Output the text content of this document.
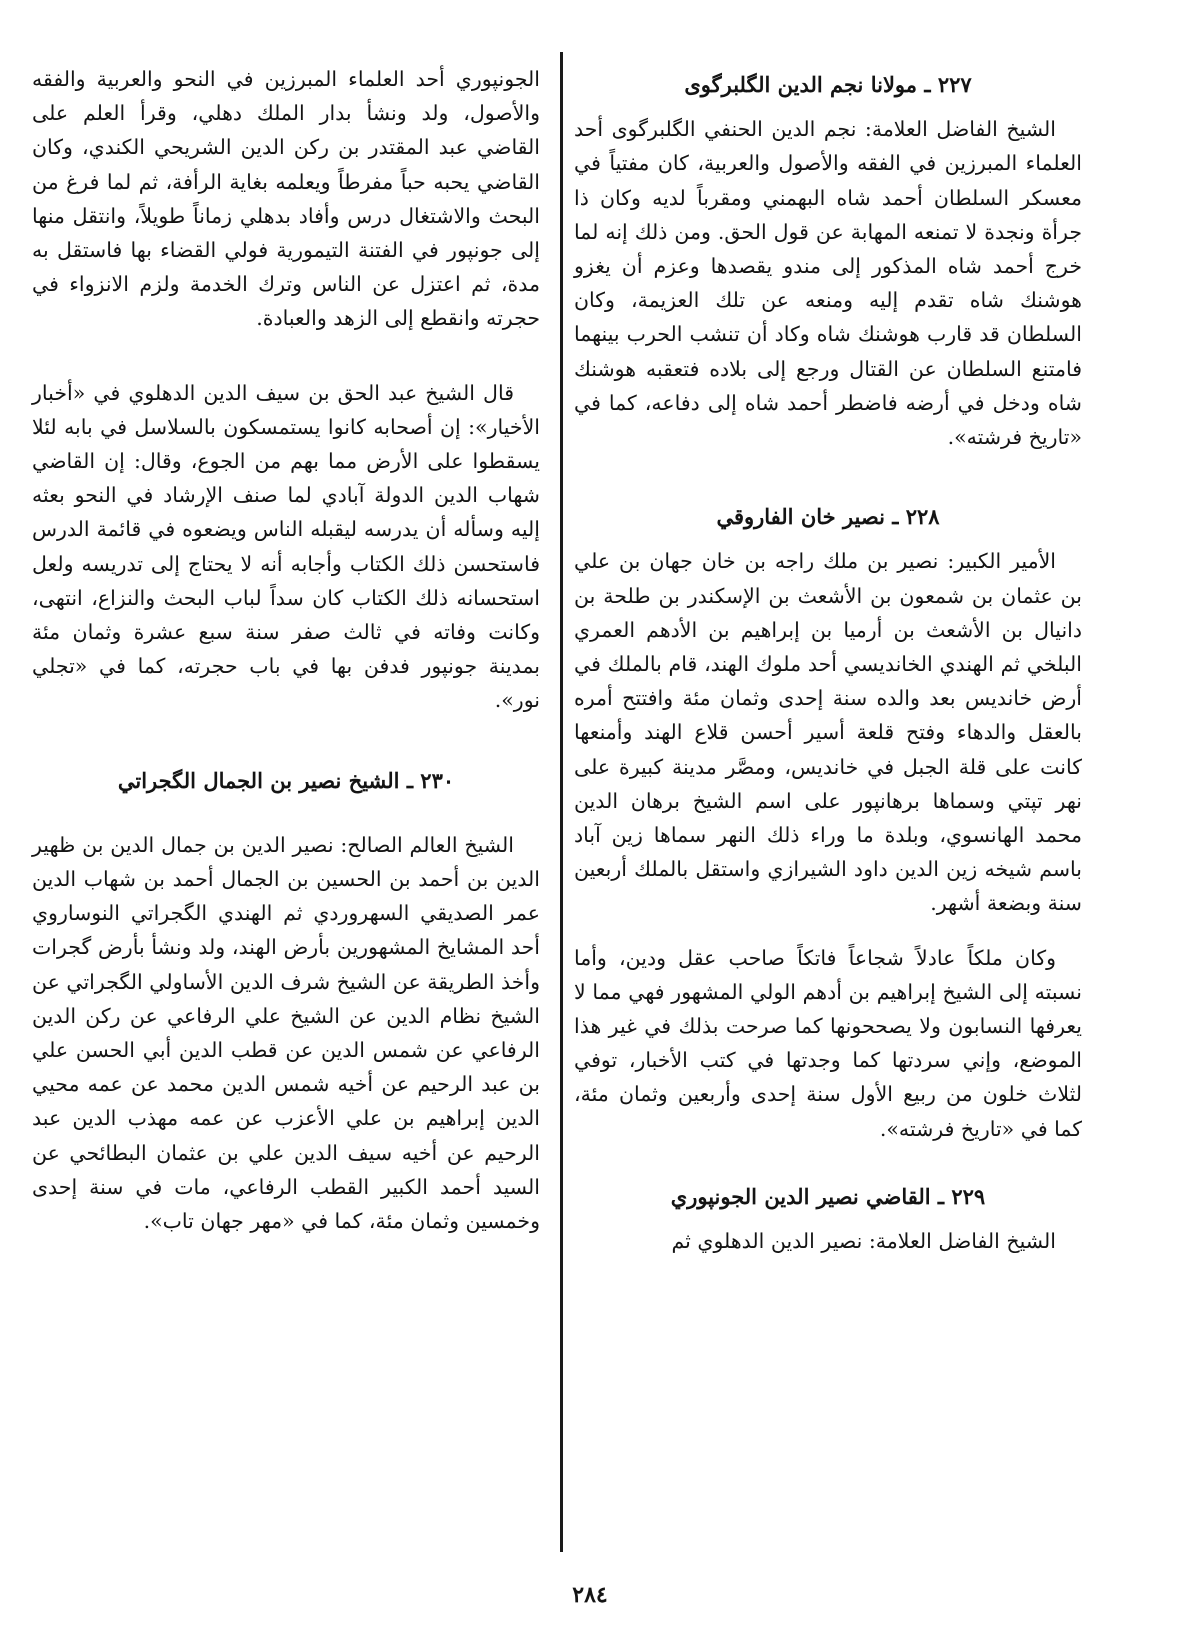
٢٢٧ ـ مولانا نجم الدين الگلبرگوى

الشيخ الفاضل العلامة: نجم الدين الحنفي الگلبرگوى أحد العلماء المبرزين في الفقه والأصول والعربية، كان مفتياً في معسكر السلطان أحمد شاه البهمني ومقرباً لديه وكان ذا جرأة ونجدة لا تمنعه المهابة عن قول الحق. ومن ذلك إنه لما خرج أحمد شاه المذكور إلى مندو يقصدها وعزم أن يغزو هوشنك شاه تقدم إليه ومنعه عن تلك العزيمة، وكان السلطان قد قارب هوشنك شاه وكاد أن تنشب الحرب بينهما فامتنع السلطان عن القتال ورجع إلى بلاده فتعقبه هوشنك شاه ودخل في أرضه فاضطر أحمد شاه إلى دفاعه، كما في «تاريخ فرشته».

٢٢٨ ـ نصير خان الفاروقي

الأمير الكبير: نصير بن ملك راجه بن خان جهان بن علي بن عثمان بن شمعون بن الأشعث بن الإسكندر بن طلحة بن دانيال بن الأشعث بن أرميا بن إبراهيم بن الأدهم العمري البلخي ثم الهندي الخانديسي أحد ملوك الهند، قام بالملك في أرض خانديس بعد والده سنة إحدى وثمان مئة وافتتح أمره بالعقل والدهاء وفتح قلعة أسير أحسن قلاع الهند وأمنعها كانت على قلة الجبل في خانديس، ومصَّر مدينة كبيرة على نهر تپتي وسماها برهانپور على اسم الشيخ برهان الدين محمد الهانسوي، وبلدة ما وراء ذلك النهر سماها زين آباد باسم شيخه زين الدين داود الشيرازي واستقل بالملك أربعين سنة وبضعة أشهر.

وكان ملكاً عادلاً شجاعاً فاتكاً صاحب عقل ودين، وأما نسبته إلى الشيخ إبراهيم بن أدهم الولي المشهور فهي مما لا يعرفها النسابون ولا يصححونها كما صرحت بذلك في غير هذا الموضع، وإني سردتها كما وجدتها في كتب الأخبار، توفي لثلاث خلون من ربيع الأول سنة إحدى وأربعين وثمان مئة، كما في «تاريخ فرشته».

٢٢٩ ـ القاضي نصير الدين الجونپوري

الشيخ الفاضل العلامة: نصير الدين الدهلوي ثم

الجونپوري أحد العلماء المبرزين في النحو والعربية والفقه والأصول، ولد ونشأ بدار الملك دهلي، وقرأ العلم على القاضي عبد المقتدر بن ركن الدين الشريحي الكندي، وكان القاضي يحبه حباً مفرطاً ويعلمه بغاية الرأفة، ثم لما فرغ من البحث والاشتغال درس وأفاد بدهلي زماناً طويلاً، وانتقل منها إلى جونپور في الفتنة التيمورية فولي القضاء بها فاستقل به مدة، ثم اعتزل عن الناس وترك الخدمة ولزم الانزواء في حجرته وانقطع إلى الزهد والعبادة.

قال الشيخ عبد الحق بن سيف الدين الدهلوي في «أخبار الأخيار»: إن أصحابه كانوا يستمسكون بالسلاسل في بابه لئلا يسقطوا على الأرض مما بهم من الجوع، وقال: إن القاضي شهاب الدين الدولة آبادي لما صنف الإرشاد في النحو بعثه إليه وسأله أن يدرسه ليقبله الناس ويضعوه في قائمة الدرس فاستحسن ذلك الكتاب وأجابه أنه لا يحتاج إلى تدريسه ولعل استحسانه ذلك الكتاب كان سداً لباب البحث والنزاع، انتهى، وكانت وفاته في ثالث صفر سنة سبع عشرة وثمان مئة بمدينة جونپور فدفن بها في باب حجرته، كما في «تجلي نور».

٢٣٠ ـ الشيخ نصير بن الجمال الگجراتي

الشيخ العالم الصالح: نصير الدين بن جمال الدين بن ظهير الدين بن أحمد بن الحسين بن الجمال أحمد بن شهاب الدين عمر الصديقي السهروردي ثم الهندي الگجراتي النوساروي أحد المشايخ المشهورين بأرض الهند، ولد ونشأ بأرض گجرات وأخذ الطريقة عن الشيخ شرف الدين الأساولي الگجراتي عن الشيخ نظام الدين عن الشيخ علي الرفاعي عن ركن الدين الرفاعي عن شمس الدين عن قطب الدين أبي الحسن علي بن عبد الرحيم عن أخيه شمس الدين محمد عن عمه محيي الدين إبراهيم بن علي الأعزب عن عمه مهذب الدين عبد الرحيم عن أخيه سيف الدين علي بن عثمان البطائحي عن السيد أحمد الكبير القطب الرفاعي، مات في سنة إحدى وخمسين وثمان مئة، كما في «مهر جهان تاب».

٢٨٤
